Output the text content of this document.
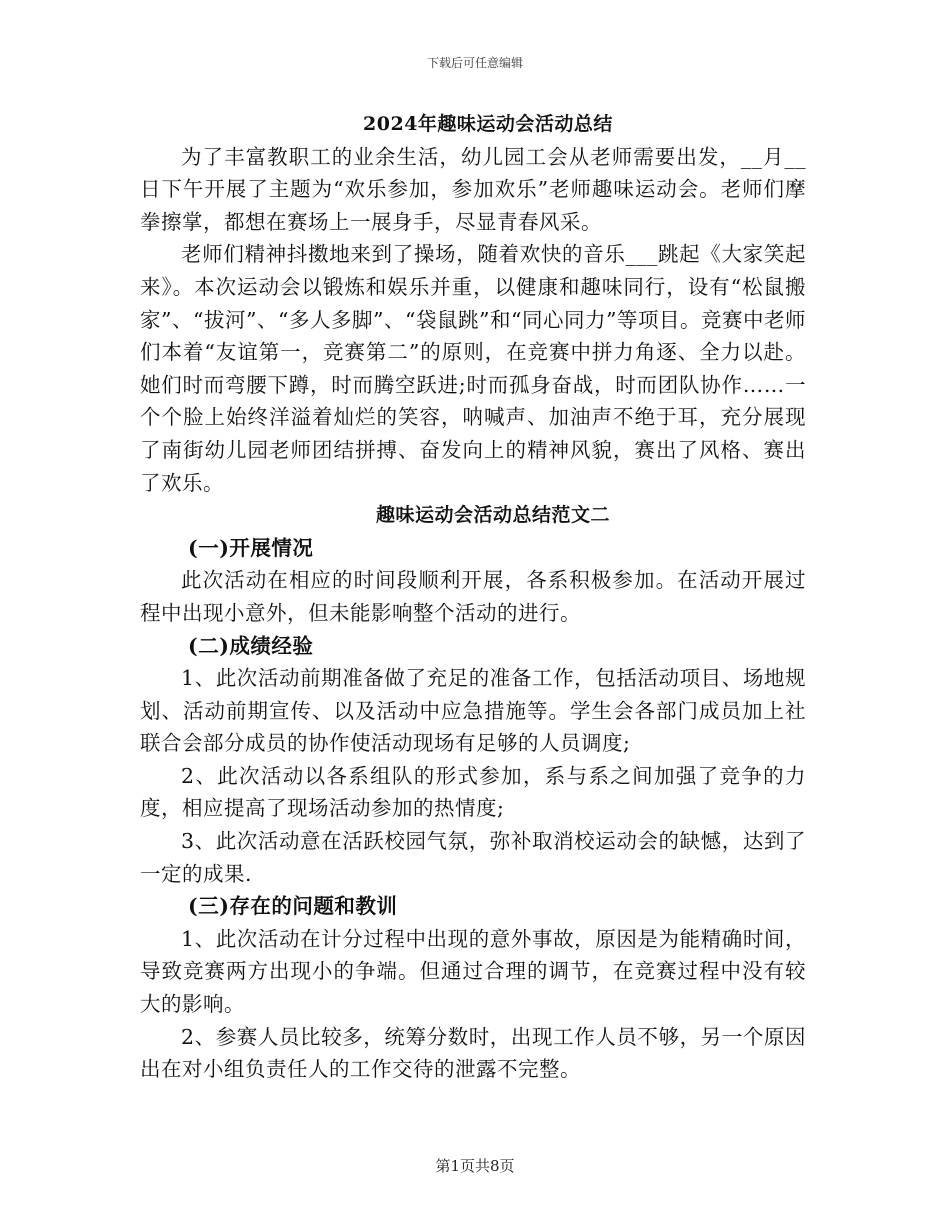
下载后可任意编辑

2024年趣味运动会活动总结

为了丰富教职工的业余生活，幼儿园工会从老师需要出发，__月__日下午开展了主题为“欢乐参加，参加欢乐”老师趣味运动会。老师们摩拳擦掌，都想在赛场上一展身手，尽显青春风采。

老师们精神抖擞地来到了操场，随着欢快的音乐___跳起《大家笑起来》。本次运动会以锻炼和娱乐并重，以健康和趣味同行，设有“松鼠搬家”、“拔河”、“多人多脚”、“袋鼠跳”和“同心同力”等项目。竞赛中老师们本着“友谊第一，竞赛第二”的原则，在竞赛中拼力角逐、全力以赴。她们时而弯腰下蹲，时而腾空跃进;时而孤身奋战，时而团队协作……一个个脸上始终洋溢着灿烂的笑容，呐喊声、加油声不绝于耳，充分展现了南街幼儿园老师团结拼搏、奋发向上的精神风貌，赛出了风格、赛出了欢乐。

趣味运动会活动总结范文二

(一)开展情况

此次活动在相应的时间段顺利开展，各系积极参加。在活动开展过程中出现小意外，但未能影响整个活动的进行。

(二)成绩经验

1、此次活动前期准备做了充足的准备工作，包括活动项目、场地规划、活动前期宣传、以及活动中应急措施等。学生会各部门成员加上社联合会部分成员的协作使活动现场有足够的人员调度;

2、此次活动以各系组队的形式参加，系与系之间加强了竞争的力度，相应提高了现场活动参加的热情度;

3、此次活动意在活跃校园气氛，弥补取消校运动会的缺憾，达到了一定的成果.

(三)存在的问题和教训

1、此次活动在计分过程中出现的意外事故，原因是为能精确时间，导致竞赛两方出现小的争端。但通过合理的调节，在竞赛过程中没有较大的影响。

2、参赛人员比较多，统筹分数时，出现工作人员不够，另一个原因出在对小组负责任人的工作交待的泄露不完整。

第1页共8页
